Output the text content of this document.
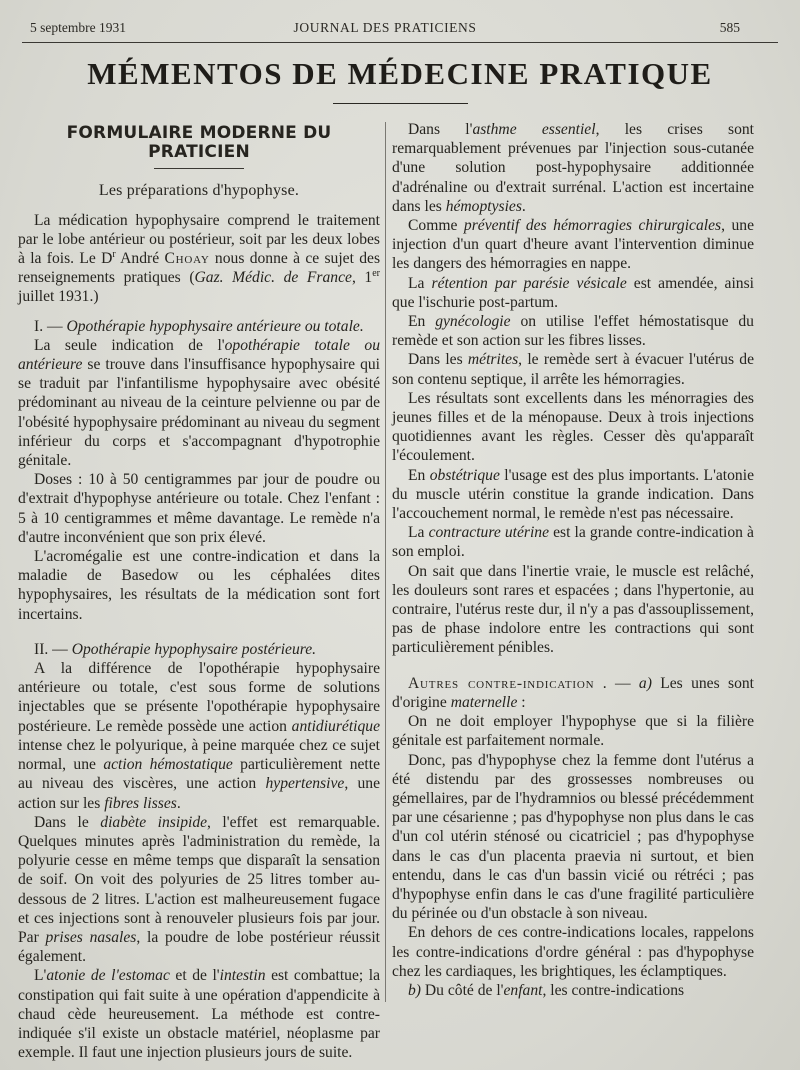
5 septembre 1931	JOURNAL DES PRATICIENS	585
MÉMENTOS DE MÉDECINE PRATIQUE
FORMULAIRE MODERNE DU PRATICIEN
Les préparations d'hypophyse.

La médication hypophysaire comprend le traitement par le lobe antérieur ou postérieur, soit par les deux lobes à la fois. Le $D^r$ André Choay nous donne à ce sujet des renseignements pratiques (Gaz. Médic. de France, 1er juillet 1931.)

I. — Opothérapie hypophysaire antérieure ou totale.

La seule indication de l'opothérapie totale ou antérieure se trouve dans l'insuffisance hypophysaire qui se traduit par l'infantilisme hypophysaire avec obésité prédominant au niveau de la ceinture pelvienne ou par de l'obésité hypophysaire prédominant au niveau du segment inférieur du corps et s'accompagnant d'hypotrophie génitale.

Doses : 10 à 50 centigrammes par jour de poudre ou d'extrait d'hypophyse antérieure ou totale. Chez l'enfant : 5 à 10 centigrammes et même davantage. Le remède n'a d'autre inconvénient que son prix élevé.

L'acromégalie est une contre-indication et dans la maladie de Basedow ou les céphalées dites hypophysaires, les résultats de la médication sont fort incertains.

II. — Opothérapie hypophysaire postérieure.

A la différence de l'opothérapie hypophysaire antérieure ou totale, c'est sous forme de solutions injectables que se présente l'opothérapie hypophysaire postérieure. Le remède possède une action antidiurétique intense chez le polyurique, à peine marquée chez ce sujet normal, une action hémostatique particulièrement nette au niveau des viscères, une action hypertensive, une action sur les fibres lisses.

Dans le diabète insipide, l'effet est remarquable. Quelques minutes après l'administration du remède, la polyurie cesse en même temps que disparaît la sensation de soif. On voit des polyuries de 25 litres tomber au-dessous de 2 litres. L'action est malheureusement fugace et ces injections sont à renouveler plusieurs fois par jour. Par prises nasales, la poudre de lobe postérieur réussit également.

L'atonie de l'estomac et de l'intestin est combattue; la constipation qui fait suite à une opération d'appendicite à chaud cède heureusement. La méthode est contre-indiquée s'il existe un obstacle matériel, néoplasme par exemple. Il faut une injection plusieurs jours de suite.

Dans l'asthme essentiel, les crises sont remarquablement prévenues par l'injection sous-cutanée d'une solution post-hypophysaire additionnée d'adrénaline ou d'extrait surrénal. L'action est incertaine dans les hémoptysies.

Comme préventif des hémorragies chirurgicales, une injection d'un quart d'heure avant l'intervention diminue les dangers des hémorragies en nappe.

La rétention par parésie vésicale est amendée, ainsi que l'ischurie post-partum.

En gynécologie on utilise l'effet hémostatisque du remède et son action sur les fibres lisses.

Dans les métrites, le remède sert à évacuer l'utérus de son contenu septique, il arrête les hémorragies.

Les résultats sont excellents dans les ménorragies des jeunes filles et de la ménopause. Deux à trois injections quotidiennes avant les règles. Cesser dès qu'apparaît l'écoulement.

En obstétrique l'usage est des plus importants. L'atonie du muscle utérin constitue la grande indication. Dans l'accouchement normal, le remède n'est pas nécessaire.

La contracture utérine est la grande contre-indication à son emploi.

On sait que dans l'inertie vraie, le muscle est relâché, les douleurs sont rares et espacées ; dans l'hypertonie, au contraire, l'utérus reste dur, il n'y a pas d'assouplissement, pas de phase indolore entre les contractions qui sont particulièrement pénibles.

Autres contre-indication . — a) Les unes sont d'origine maternelle :

On ne doit employer l'hypophyse que si la filière génitale est parfaitement normale.

Donc, pas d'hypophyse chez la femme dont l'utérus a été distendu par des grossesses nombreuses ou gémellaires, par de l'hydramnios ou blessé précédemment par une césarienne ; pas d'hypophyse non plus dans le cas d'un col utérin sténosé ou cicatriciel ; pas d'hypophyse dans le cas d'un placenta praevia ni surtout, et bien entendu, dans le cas d'un bassin vicié ou rétréci ; pas d'hypophyse enfin dans le cas d'une fragilité particulière du périnée ou d'un obstacle à son niveau.

En dehors de ces contre-indications locales, rappelons les contre-indications d'ordre général : pas d'hypophyse chez les cardiaques, les brightiques, les éclamptiques.

b) Du côté de l'enfant, les contre-indications
